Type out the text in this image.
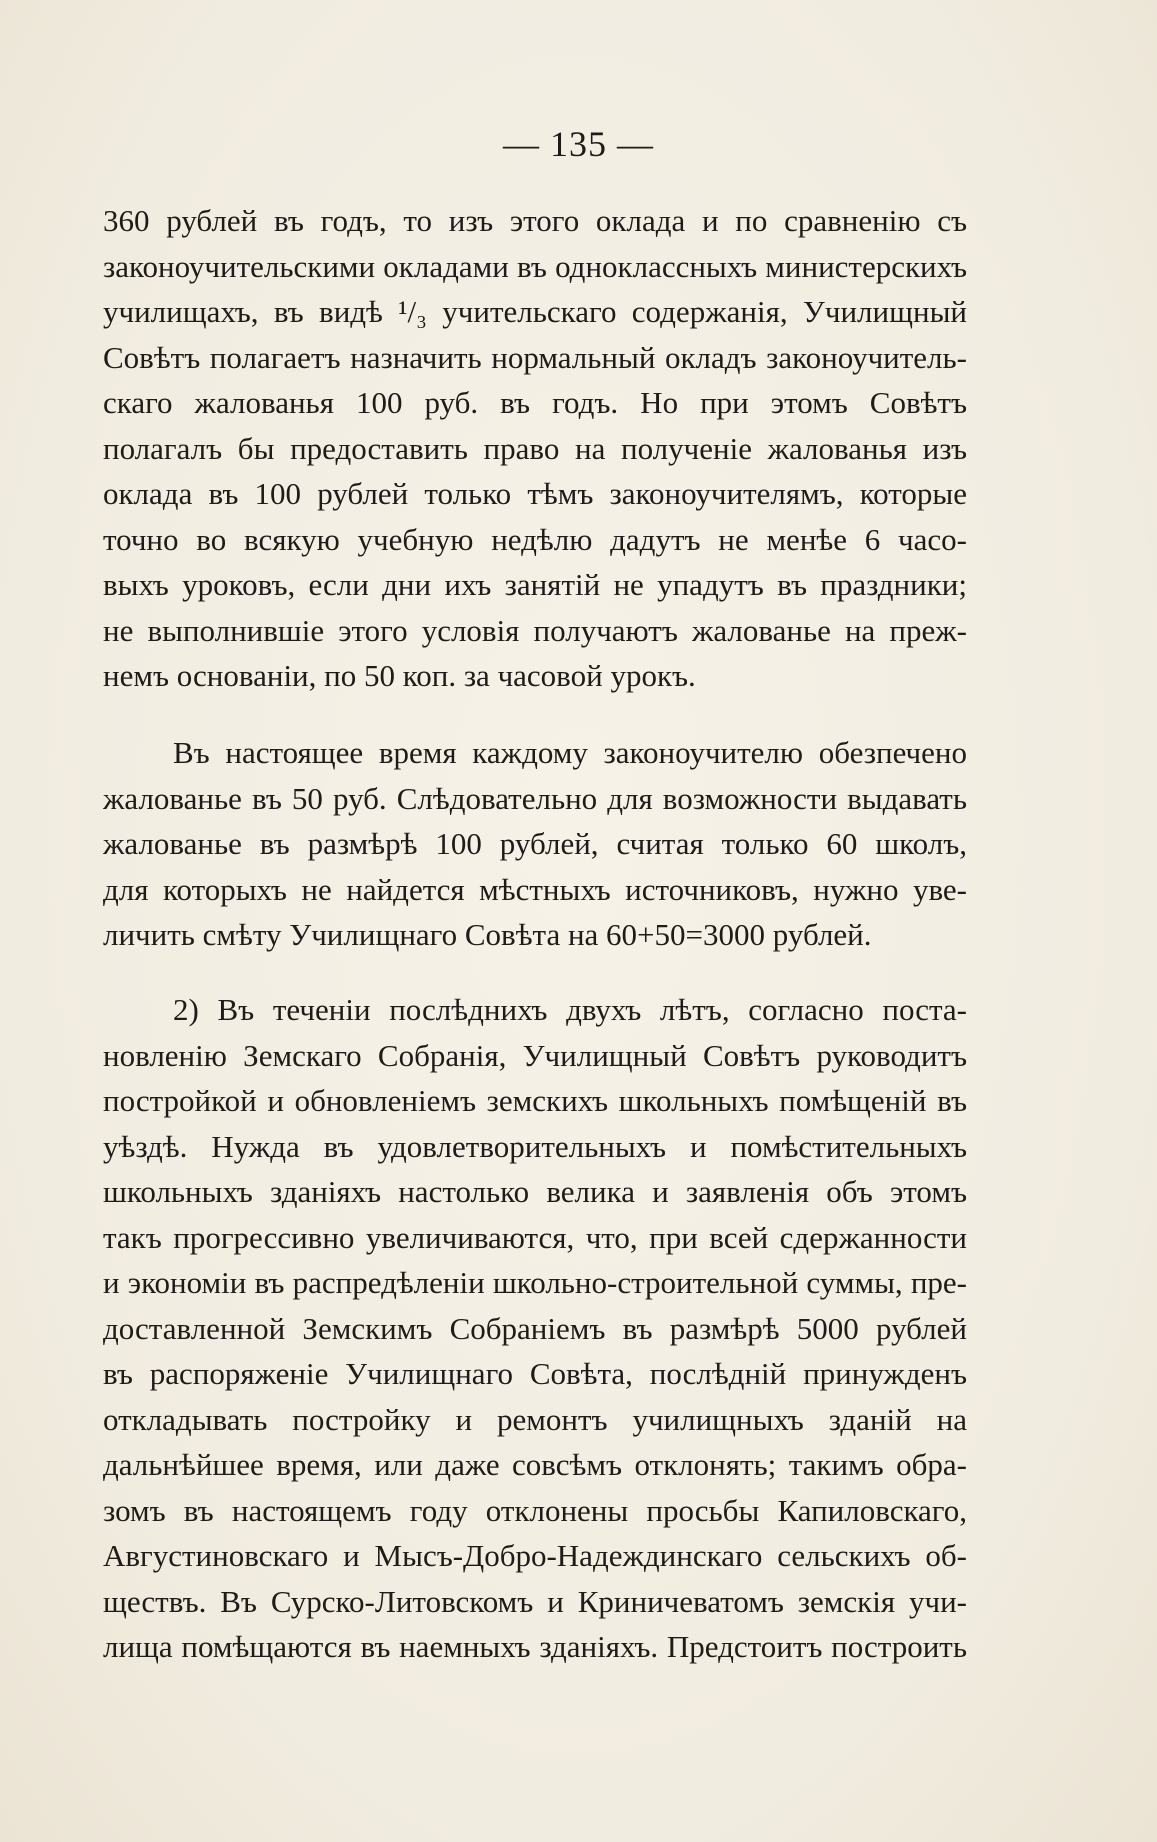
— 135 —
360 рублей въ годъ, то изъ этого оклада и по сравненію съ
законоучительскими окладами въ одноклассныхъ министерскихъ
училищахъ, въ видѣ ¹/₃ учительскаго содержанія, Училищный
Совѣтъ полагаетъ назначить нормальный окладъ законоучитель-
скаго жалованья 100 руб. въ годъ. Но при этомъ Совѣтъ
полагалъ бы предоставить право на полученіе жалованья изъ
оклада въ 100 рублей только тѣмъ законоучителямъ, которые
точно во всякую учебную недѣлю дадутъ не менѣе 6 часо-
выхъ уроковъ, если дни ихъ занятій не упадутъ въ праздники;
не выполнившіе этого условія получаютъ жалованье на преж-
немъ основаніи, по 50 коп. за часовой урокъ.
Въ настоящее время каждому законоучителю обезпечено
жалованье въ 50 руб. Слѣдовательно для возможности выдавать
жалованье въ размѣрѣ 100 рублей, считая только 60 школъ,
для которыхъ не найдется мѣстныхъ источниковъ, нужно уве-
личить смѣту Училищнаго Совѣта на 60+50=3000 рублей.
2) Въ теченіи послѣднихъ двухъ лѣтъ, согласно поста-
новленію Земскаго Собранія, Училищный Совѣтъ руководитъ
постройкой и обновленіемъ земскихъ школьныхъ помѣщеній въ
уѣздѣ. Нужда въ удовлетворительныхъ и помѣстительныхъ
школьныхъ зданіяхъ настолько велика и заявленія объ этомъ
такъ прогрессивно увеличиваются, что, при всей сдержанности
и экономіи въ распредѣленіи школьно-строительной суммы, пре-
доставленной Земскимъ Собраніемъ въ размѣрѣ 5000 рублей
въ распоряженіе Училищнаго Совѣта, послѣдній принужденъ
откладывать постройку и ремонтъ училищныхъ зданій на
дальнѣйшее время, или даже совсѣмъ отклонять; такимъ обра-
зомъ въ настоящемъ году отклонены просьбы Капиловскаго,
Августиновскаго и Мысъ-Добро-Надеждинскаго сельскихъ об-
ществъ. Въ Сурско-Литовскомъ и Криничеватомъ земскія учи-
лища помѣщаются въ наемныхъ зданіяхъ. Предстоитъ построить
